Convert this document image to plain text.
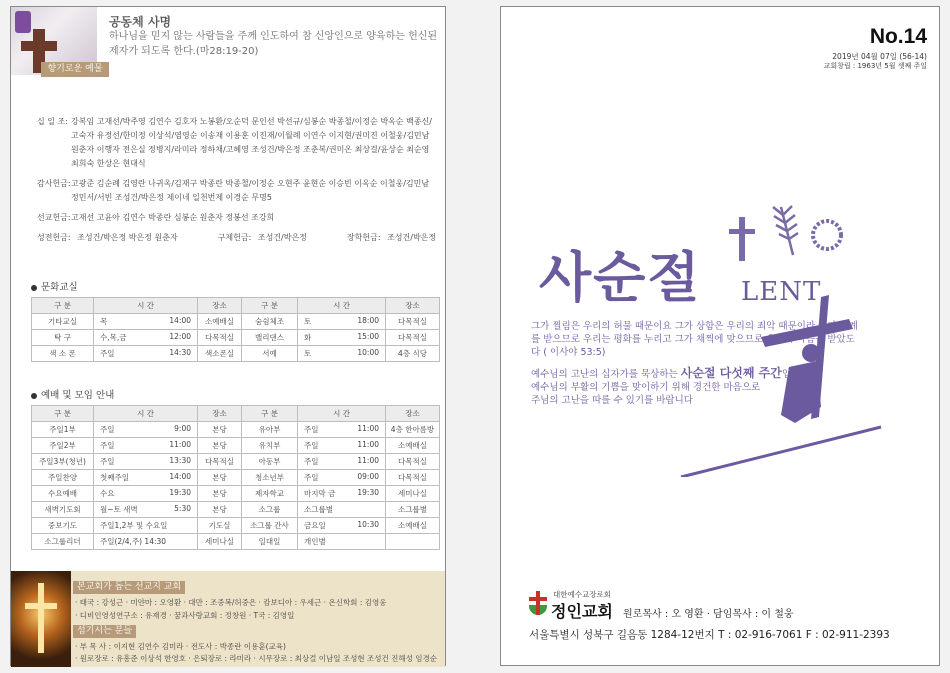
향기로운 예물
공동체 사명
하나님을 믿지 않는 사람들을 주께 인도하여 참 신앙인으로 양육하는 헌신된 제자가 되도록 한다.(마28:19-20)
십 일 조: 강복임 고재선/박주영 김연수 김호자 노봉환/오순덕 문인선 박선규/심봉순 박종철/이정순 박옥순 백종신/고숙자 유정선/한미정 이상석/염영순 이송재 이용훈 이진재/이월례 이연수 이지현/권미진 이철웅/김민남 원춘자 이행자 전은실 정병지/라미라 정하채/고혜영 조성건/박은정 조춘복/권미온 최상걸/윤상순 최순영 최희숙 한상은 현대식
감사헌금: 고광준 김순례 김영란 나귀옥/김재구 박종란 박종철/이정순 오현주 윤현순 이승빈 이옥순 이철웅/김민남 정민서/서빈 조성건/박은정 제이네 일천번제 이경순 무명5
선교헌금: 고재선 고윤아 김연수 박종란 심봉순 원춘자 정봉선 조강희
성전헌금: 조성건/박은정 박은정 원춘자	구제헌금: 조성건/박은정	장학헌금: 조성건/박은정
문화교실
구 분	시 간	장소	구 분	시 간	장소
기타교실	목 14:00	소예배실	숨쉼체조	토 18:00	다목적실
탁 구	수,목,금 12:00	다목적실	밸리댄스	화 15:00	다목적실
색 소 폰	주일 14:30	색소폰실	서예	토 10:00	4층 식당
예배 및 모임 안내
구 분	시 간	장소	구 분	시 간	장소
주일1부	주일 9:00	본당	유아부	주일 11:00	4층 한아름방
주일2부	주일 11:00	본당	유치부	주일 11:00	소예배실
주일3부(청년)	주일 13:30	다목적실	아동부	주일 11:00	다목적실
주일찬양	첫째주일 14:00	본당	청소년부	주일 09:00	다목적실
수요예배	수요 19:30	본당	제자학교	마지막 금 19:30	세미나실
새벽기도회	월~토 새벽 5:30	본당	소그룹	소그룹별	소그룹별
중보기도	주일1,2부 및 수요일	기도실	소그룹 간사	금요일 10:30	소예배실
소그룹리더	주일(2/4,주) 14:30	세미나실	일대일	개인별	

본교회가 돕는 선교지 교회
· 태국 : 강성근 · 미얀마 : 오영환 · 대만 : 조중복/허중은 · 캄보디아 : 우세근 · 온신학회 : 김영웅
· 디비인영성연구소 : 유재경 · 꿈과사랑교회 : 정창원 · T국 : 김영일
섬기시는 분들
· 부 목 사 : 이지현 김연수 김미라 · 전도사 : 박종란 이용훈(교육)
· 원로장로 : 유흥준 이상석 한영호 · 은퇴장로 : 라미라 · 시무장로 : 최상걸 이남일 조성현 조성건 진해성 임경순
No.14
2019년 04월 07일 (56-14)
교회창립 : 1963년 5월 셋째 주일
사순절 LENT
그가 찔림은 우리의 허물 때문이요 그가 상함은 우리의 죄악 때문이라 그가 징계를 받으므로 우리는 평화를 누리고 그가 채찍에 맞으므로 우리가 나음을 받았도다 ( 이사야 53:5)
예수님의 고난의 십자가를 묵상하는 사순절 다섯째 주간입니다.
예수님의 부활의 기쁨을 맞이하기 위해 경건한 마음으로
주님의 고난을 따를 수 있기를 바랍니다
대한예수교장로회
정인교회 원로목사 : 오 영환 · 담임목사 : 이 철웅
서울특별시 성북구 길음동 1284-12번지 T : 02-916-7061 F : 02-911-2393
